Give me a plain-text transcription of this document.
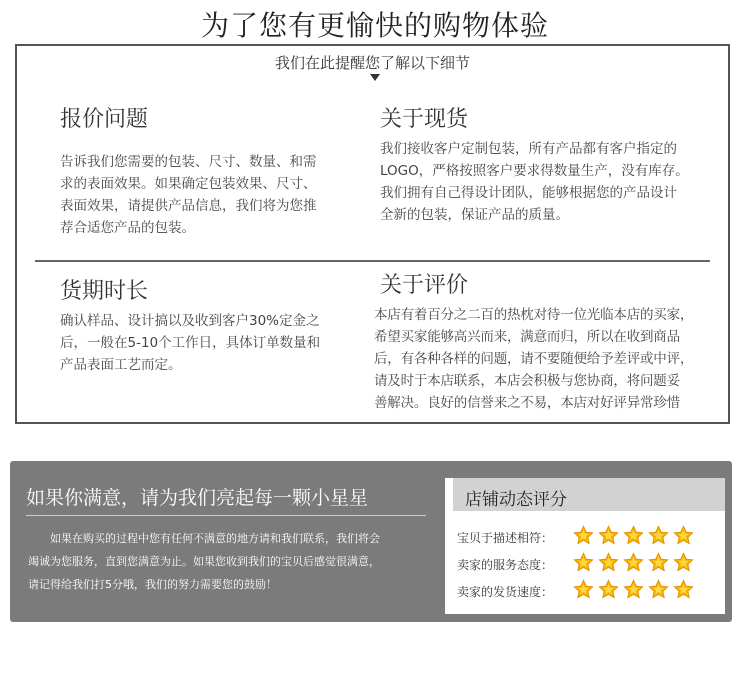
为了您有更愉快的购物体验
我们在此提醒您了解以下细节
报价问题
告诉我们您需要的包装、尺寸、数量、和需
求的表面效果。如果确定包装效果、尺寸、
表面效果，请提供产品信息，我们将为您推
荐合适您产品的包装。
关于现货
我们接收客户定制包装，所有产品都有客户指定的
LOGO，严格按照客户要求得数量生产，没有库存。
我们拥有自己得设计团队，能够根据您的产品设计
全新的包装，保证产品的质量。
货期时长
确认样品、设计搞以及收到客户30%定金之
后，一般在5-10个工作日，具体订单数量和
产品表面工艺而定。
关于评价
本店有着百分之二百的热枕对待一位光临本店的买家，
希望买家能够高兴而来，满意而归，所以在收到商品
后，有各种各样的问题，请不要随便给予差评或中评，
请及时于本店联系，本店会积极与您协商，将问题妥
善解决。良好的信誉来之不易，本店对好评异常珍惜
如果你满意，请为我们亮起每一颗小星星
如果在购买的过程中您有任何不满意的地方请和我们联系，我们将会
竭诚为您服务，直到您满意为止。如果您收到我们的宝贝后感觉很满意，
请记得给我们打5分哦，我们的努力需要您的鼓励！
店铺动态评分
宝贝于描述相符：
卖家的服务态度：
卖家的发货速度：
